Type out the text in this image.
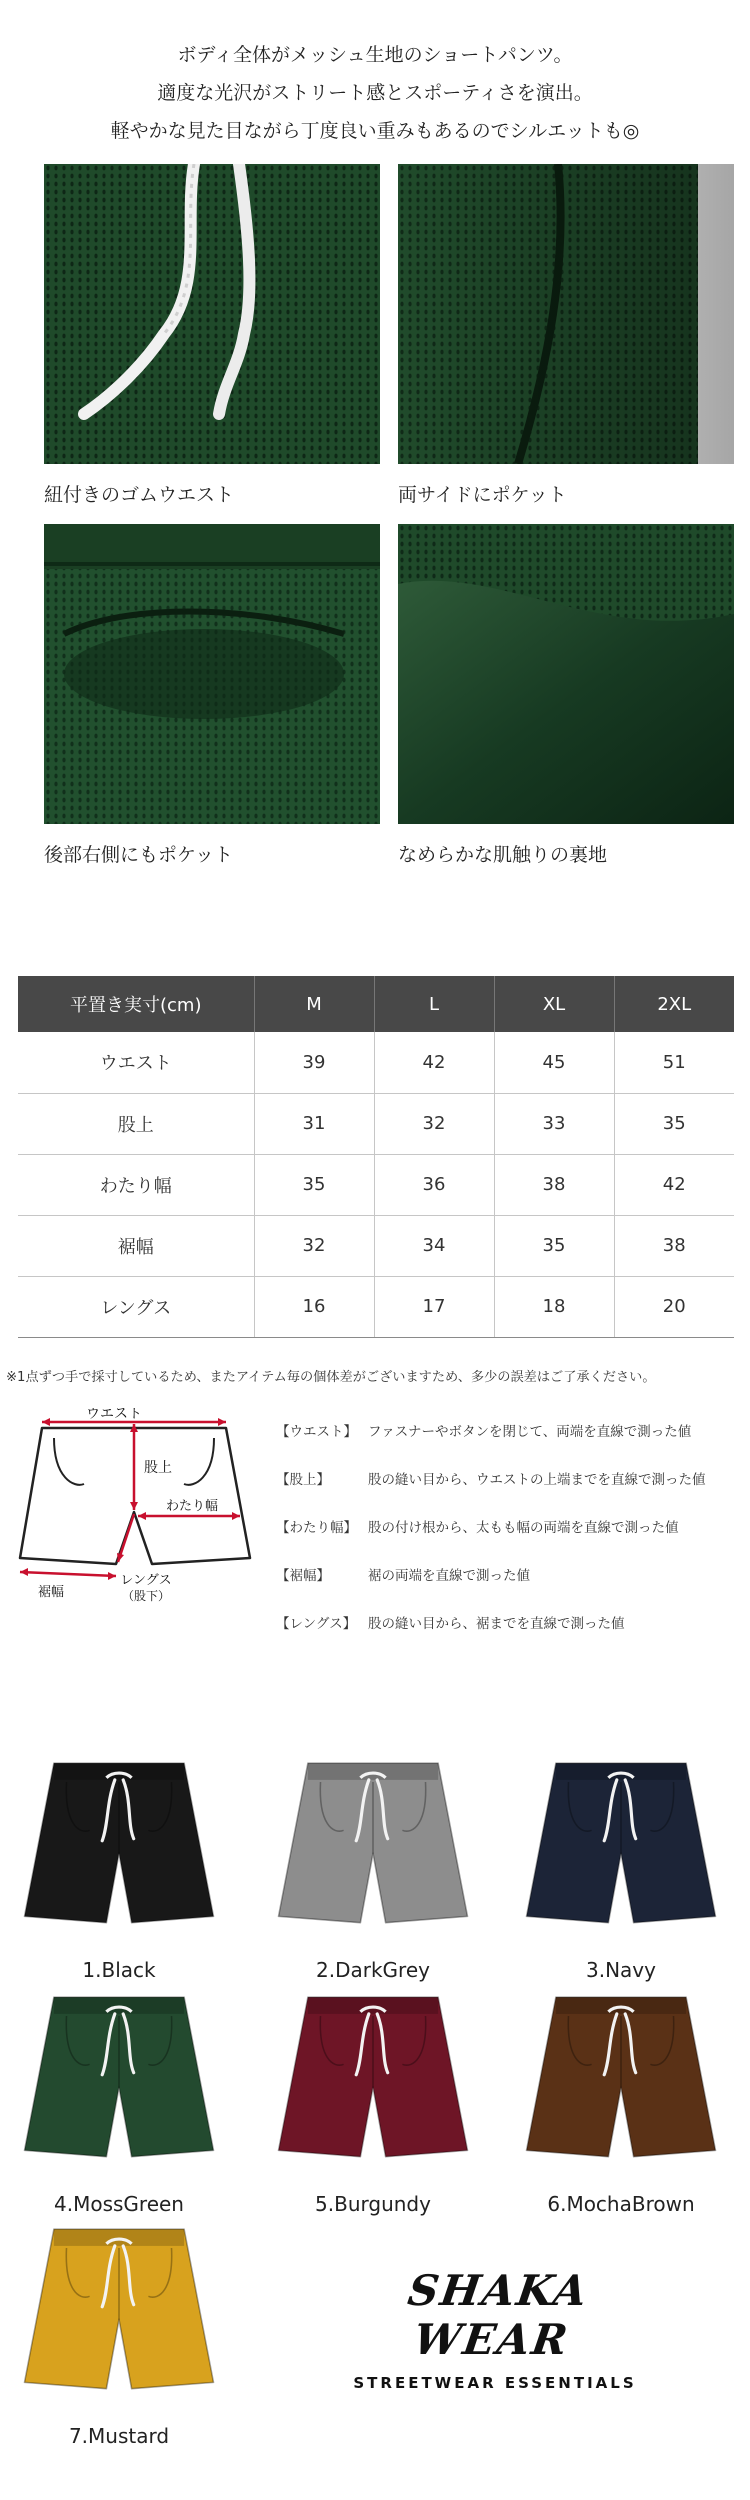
ボディ全体がメッシュ生地のショートパンツ。

適度な光沢がストリート感とスポーティさを演出。

軽やかな見た目ながら丁度良い重みもあるのでシルエットも◎

紐付きのゴムウエスト	両サイドにポケット
後部右側にもポケット	なめらかな肌触りの裏地
平置き実寸(cm)	M	L	XL	2XL
ウエスト	39	42	45	51
股上	31	32	33	35
わたり幅	35	36	38	42
裾幅	32	34	35	38
レングス	16	17	18	20
※1点ずつ手で採寸しているため、またアイテム毎の個体差がございますため、多少の誤差はご了承ください。
ウエスト
股上
わたり幅
裾幅
レングス
（股下）
【ウエスト】 ファスナーやボタンを閉じて、両端を直線で測った値
【股上】	股の縫い目から、ウエストの上端までを直線で測った値
【わたり幅】 股の付け根から、太もも幅の両端を直線で測った値
【裾幅】	裾の両端を直線で測った値
【レングス】 股の縫い目から、裾までを直線で測った値
1.Black	2.DarkGrey	3.Navy
4.MossGreen	5.Burgundy	6.MochaBrown
7.Mustard
SHAKA WEAR
STREETWEAR ESSENTIALS
